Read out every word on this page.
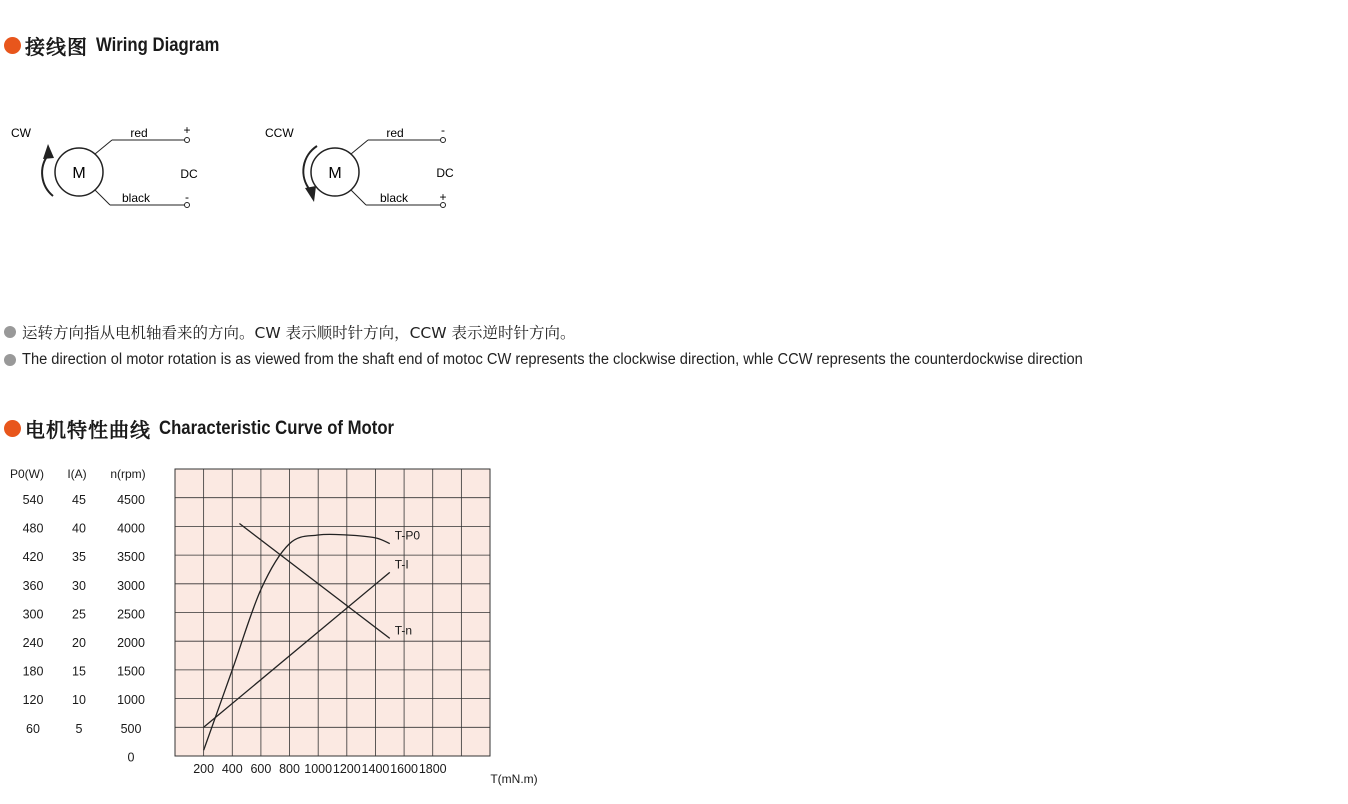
接线图 Wiring Diagram
CW
M
red	+
black	-
DC
CCW
M
red	-
black	+
DC
运转方向指从电机轴看来的方向。CW 表示顺时针方向，CCW 表示逆时针方向。
The direction ol motor rotation is as viewed from the shaft end of motoc CW represents the clockwise direction, whle CCW represents the counterdockwise direction
电机特性曲线 Characteristic Curve of Motor
P0(W)
540
480
420
360
300
240
180
120
60
I(A)
45
40
35
30
25
20
15
10
5
n(rpm)
4500
4000
3500
3000
2500
2000
1500
1000
500
0
200 400 600 800 1000 1200 1400 1600 1800
T(mN.m)
T-P0
T-I
T-n
